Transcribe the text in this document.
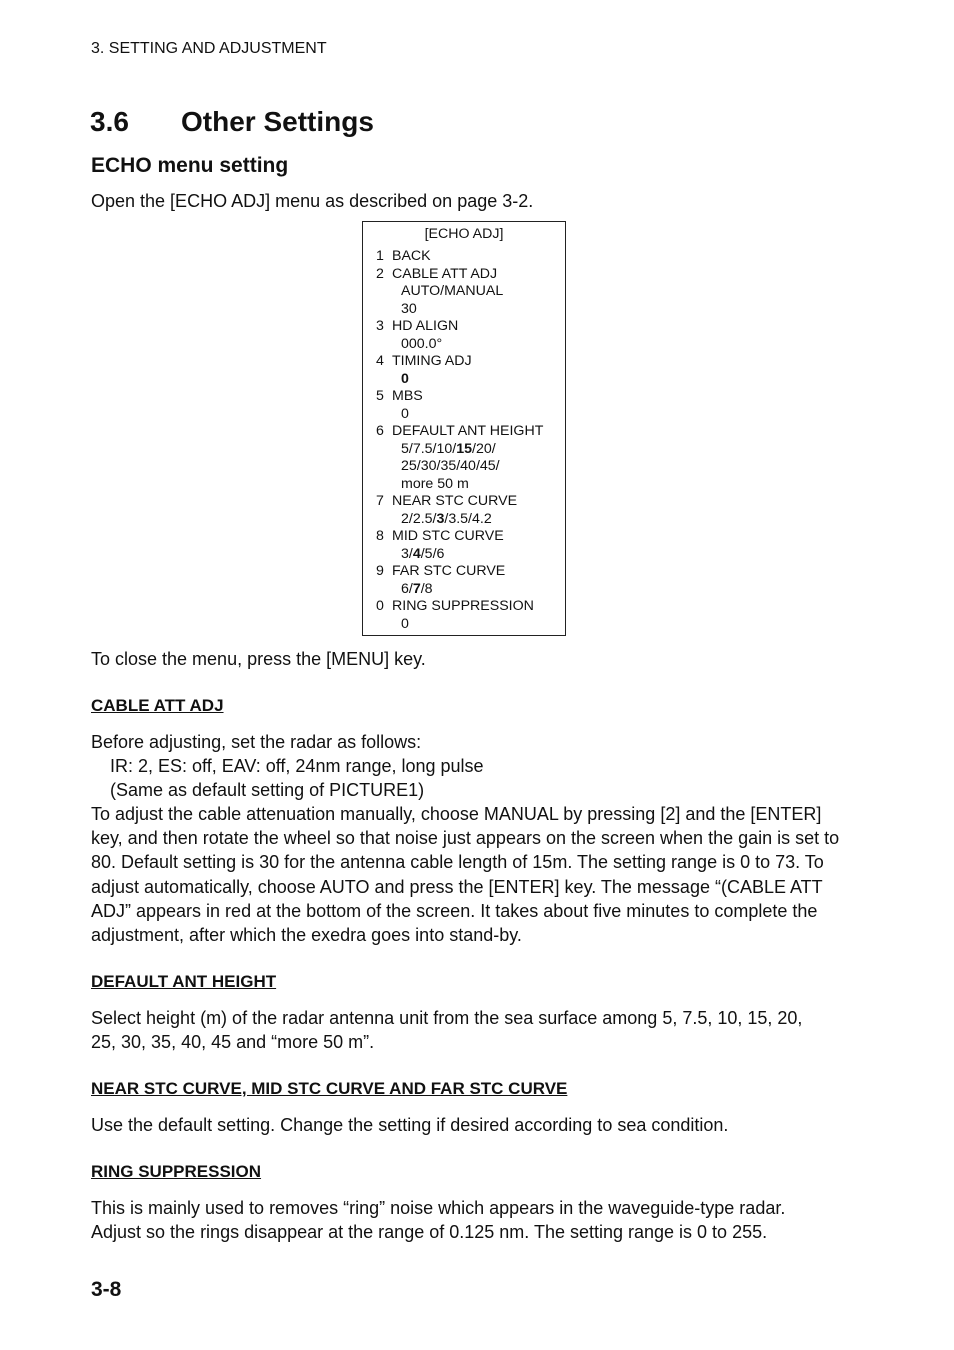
3. SETTING AND ADJUSTMENT
3.6 Other Settings
ECHO menu setting

Open the [ECHO ADJ] menu as described on page 3-2.

[ECHO ADJ]
1 BACK
2 CABLE ATT ADJ
AUTO/MANUAL
30
3 HD ALIGN
000.0°
4 TIMING ADJ
0
5 MBS
0
6 DEFAULT ANT HEIGHT
5/7.5/10/15/20/
25/30/35/40/45/
more 50 m
7 NEAR STC CURVE
2/2.5/3/3.5/4.2
8 MID STC CURVE
3/4/5/6
9 FAR STC CURVE
6/7/8
0 RING SUPPRESSION
0

To close the menu, press the [MENU] key.

CABLE ATT ADJ

Before adjusting, set the radar as follows:

IR: 2, ES: off, EAV: off, 24nm range, long pulse

(Same as default setting of PICTURE1)

To adjust the cable attenuation manually, choose MANUAL by pressing [2] and the [ENTER] key, and then rotate the wheel so that noise just appears on the screen when the gain is set to 80. Default setting is 30 for the antenna cable length of 15m. The setting range is 0 to 73. To adjust automatically, choose AUTO and press the [ENTER] key. The message “(CABLE ATT ADJ” appears in red at the bottom of the screen. It takes about five minutes to complete the adjustment, after which the exedra goes into stand-by.

DEFAULT ANT HEIGHT

Select height (m) of the radar antenna unit from the sea surface among 5, 7.5, 10, 15, 20, 25, 30, 35, 40, 45 and “more 50 m”.

NEAR STC CURVE, MID STC CURVE AND FAR STC CURVE

Use the default setting. Change the setting if desired according to sea condition.

RING SUPPRESSION

This is mainly used to removes “ring” noise which appears in the waveguide-type radar. Adjust so the rings disappear at the range of 0.125 nm. The setting range is 0 to 255.

3-8
